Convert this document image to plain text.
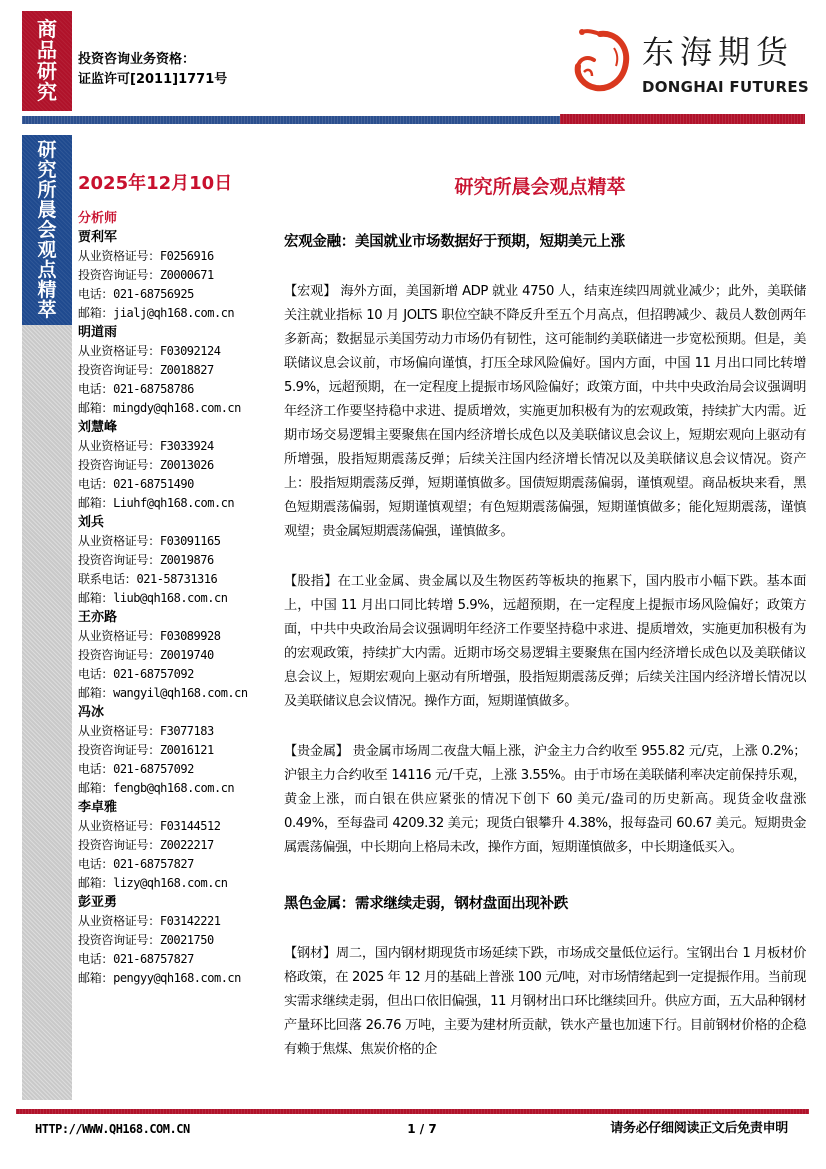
商
品
研
究
投资咨询业务资格：
证监许可[2011]1771号
东海期货
DONGHAI FUTURES
研
究
所
晨
会
观
点
精
萃
2025年12月10日
分析师
贾利军
从业资格证号：F0256916
投资咨询证号：Z0000671
电话：021-68756925
邮箱：jialj@qh168.com.cn
明道雨
从业资格证号：F03092124
投资咨询证号：Z0018827
电话：021-68758786
邮箱：mingdy@qh168.com.cn
刘慧峰
从业资格证号：F3033924
投资咨询证号：Z0013026
电话：021-68751490
邮箱：Liuhf@qh168.com.cn
刘兵
从业资格证号：F03091165
投资咨询证号：Z0019876
联系电话：021-58731316
邮箱：liub@qh168.com.cn
王亦路
从业资格证号：F03089928
投资咨询证号：Z0019740
电话：021-68757092
邮箱：wangyil@qh168.com.cn
冯冰
从业资格证号：F3077183
投资咨询证号：Z0016121
电话：021-68757092
邮箱：fengb@qh168.com.cn
李卓雅
从业资格证号：F03144512
投资咨询证号：Z0022217
电话：021-68757827
邮箱：lizy@qh168.com.cn
彭亚勇
从业资格证号：F03142221
投资咨询证号：Z0021750
电话：021-68757827
邮箱：pengyy@qh168.com.cn
研究所晨会观点精萃
宏观金融：美国就业市场数据好于预期，短期美元上涨
【宏观】 海外方面，美国新增 ADP 就业 4750 人，结束连续四周就业减少；此外，美联储关注就业指标 10 月 JOLTS 职位空缺不降反升至五个月高点，但招聘减少、裁员人数创两年多新高；数据显示美国劳动力市场仍有韧性，这可能制约美联储进一步宽松预期。但是，美联储议息会议前，市场偏向谨慎，打压全球风险偏好。国内方面，中国 11 月出口同比转增 5.9%，远超预期，在一定程度上提振市场风险偏好；政策方面，中共中央政治局会议强调明年经济工作要坚持稳中求进、提质增效，实施更加积极有为的宏观政策，持续扩大内需。近期市场交易逻辑主要聚焦在国内经济增长成色以及美联储议息会议上，短期宏观向上驱动有所增强，股指短期震荡反弹；后续关注国内经济增长情况以及美联储议息会议情况。资产上：股指短期震荡反弹，短期谨慎做多。国债短期震荡偏弱，谨慎观望。商品板块来看，黑色短期震荡偏弱，短期谨慎观望；有色短期震荡偏强，短期谨慎做多；能化短期震荡，谨慎观望；贵金属短期震荡偏强，谨慎做多。
【股指】在工业金属、贵金属以及生物医药等板块的拖累下，国内股市小幅下跌。基本面上，中国 11 月出口同比转增 5.9%，远超预期，在一定程度上提振市场风险偏好；政策方面，中共中央政治局会议强调明年经济工作要坚持稳中求进、提质增效，实施更加积极有为的宏观政策，持续扩大内需。近期市场交易逻辑主要聚焦在国内经济增长成色以及美联储议息会议上，短期宏观向上驱动有所增强，股指短期震荡反弹；后续关注国内经济增长情况以及美联储议息会议情况。操作方面，短期谨慎做多。
【贵金属】 贵金属市场周二夜盘大幅上涨，沪金主力合约收至 955.82 元/克，上涨 0.2%；沪银主力合约收至 14116 元/千克，上涨 3.55%。由于市场在美联储利率决定前保持乐观，黄金上涨，而白银在供应紧张的情况下创下 60 美元/盎司的历史新高。现货金收盘涨 0.49%，至每盎司 4209.32 美元；现货白银攀升 4.38%，报每盎司 60.67 美元。短期贵金属震荡偏强，中长期向上格局未改，操作方面，短期谨慎做多，中长期逢低买入。
黑色金属：需求继续走弱，钢材盘面出现补跌
【钢材】周二，国内钢材期现货市场延续下跌，市场成交量低位运行。宝钢出台 1 月板材价格政策，在 2025 年 12 月的基础上普涨 100 元/吨，对市场情绪起到一定提振作用。当前现实需求继续走弱，但出口依旧偏强，11 月钢材出口环比继续回升。供应方面，五大品种钢材产量环比回落 26.76 万吨，主要为建材所贡献，铁水产量也加速下行。目前钢材价格的企稳有赖于焦煤、焦炭价格的企
HTTP://WWW.QH168.COM.CN	1 / 7	请务必仔细阅读正文后免责申明
